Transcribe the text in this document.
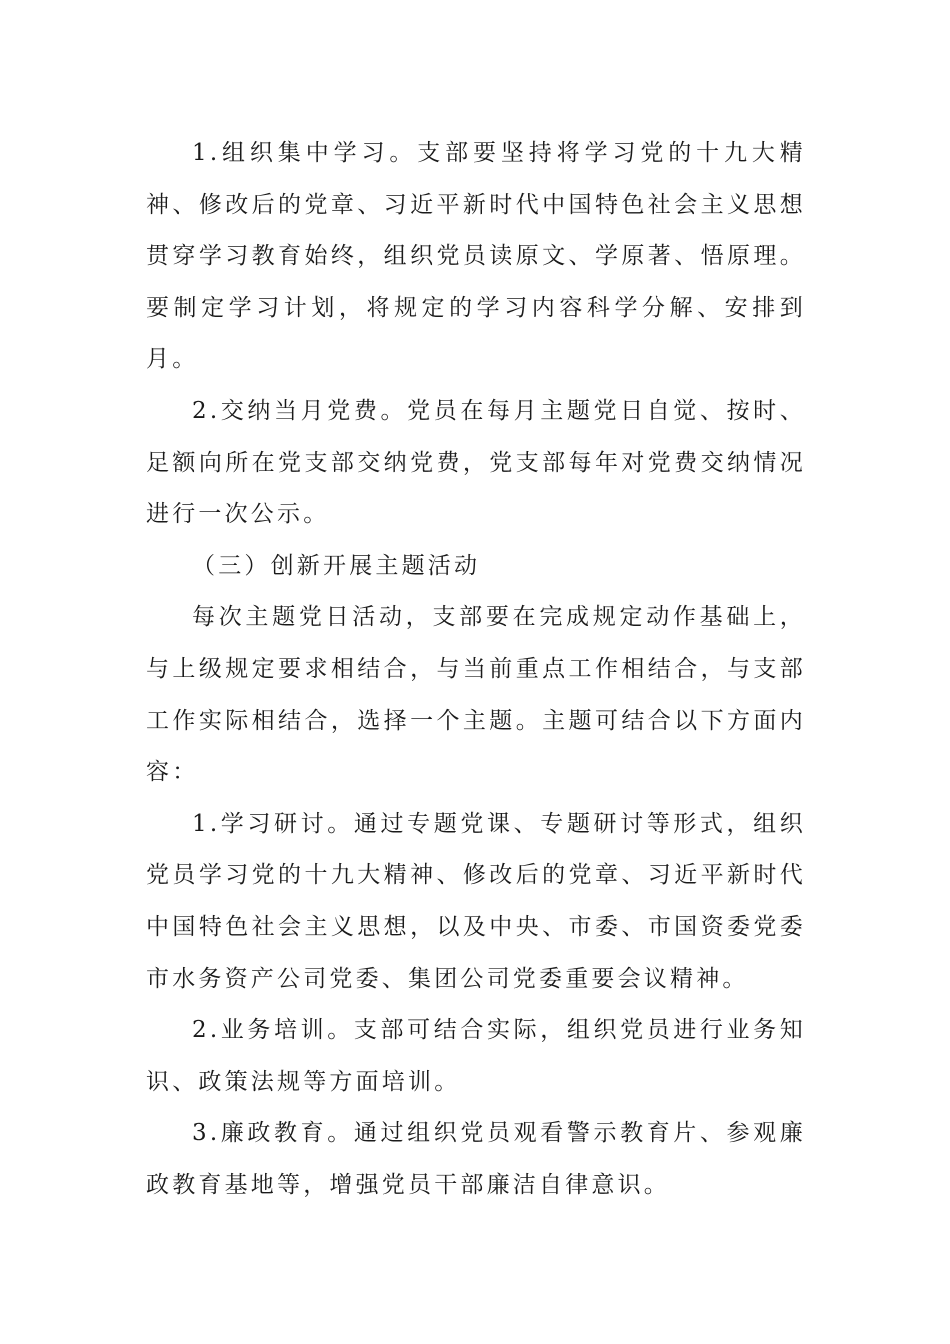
1.组织集中学习。支部要坚持将学习党的十九大精神、修改后的党章、习近平新时代中国特色社会主义思想贯穿学习教育始终，组织党员读原文、学原著、悟原理。要制定学习计划，将规定的学习内容科学分解、安排到月。

2.交纳当月党费。党员在每月主题党日自觉、按时、足额向所在党支部交纳党费，党支部每年对党费交纳情况进行一次公示。

（三）创新开展主题活动

每次主题党日活动，支部要在完成规定动作基础上，与上级规定要求相结合，与当前重点工作相结合，与支部工作实际相结合，选择一个主题。主题可结合以下方面内容：

1.学习研讨。通过专题党课、专题研讨等形式，组织党员学习党的十九大精神、修改后的党章、习近平新时代中国特色社会主义思想，以及中央、市委、市国资委党委市水务资产公司党委、集团公司党委重要会议精神。

2.业务培训。支部可结合实际，组织党员进行业务知识、政策法规等方面培训。

3.廉政教育。通过组织党员观看警示教育片、参观廉政教育基地等，增强党员干部廉洁自律意识。
